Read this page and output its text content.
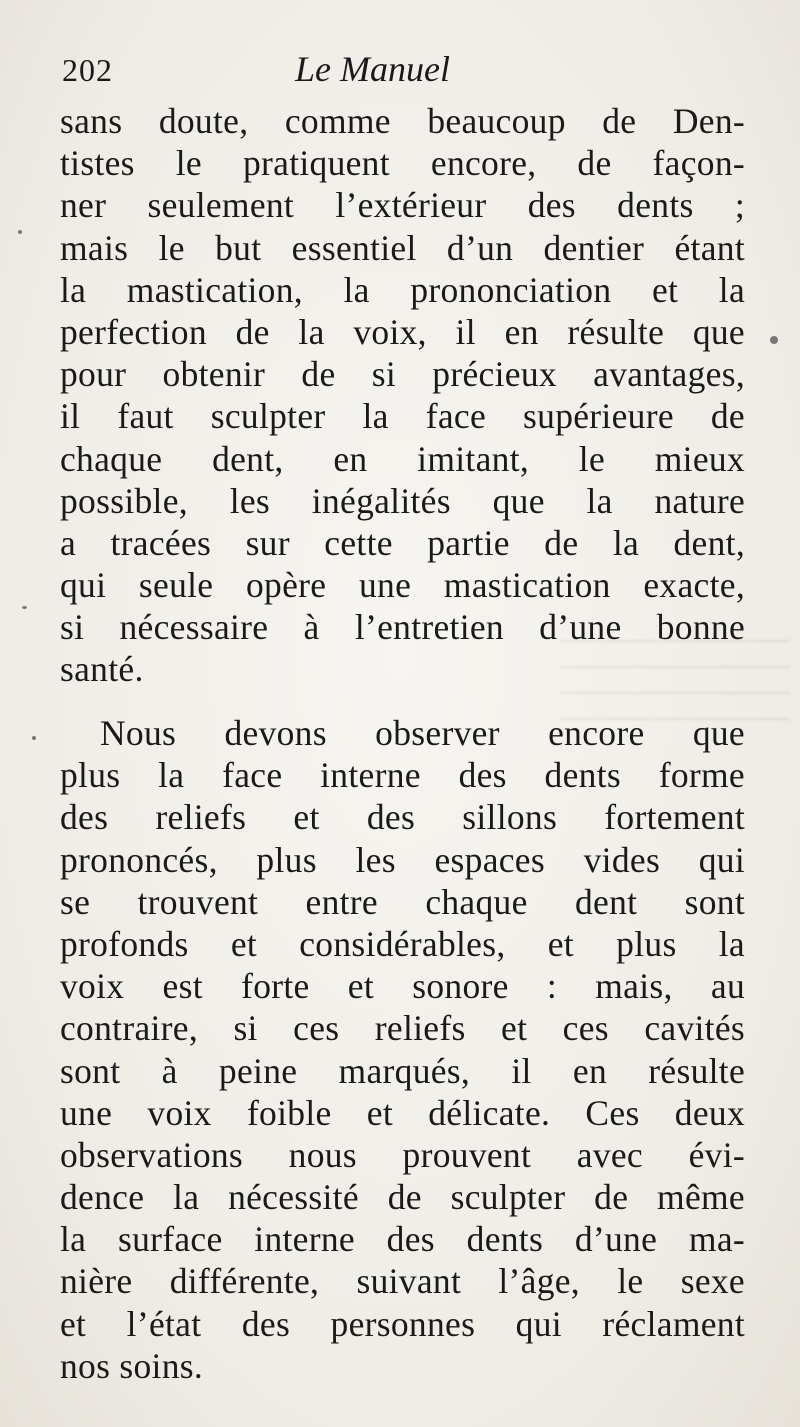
202	Le Manuel
sans doute, comme beaucoup de Den-
tistes le pratiquent encore, de façon-
ner seulement l’extérieur des dents ;
mais le but essentiel d’un dentier étant
la mastication, la prononciation et la
perfection de la voix, il en résulte que
pour obtenir de si précieux avantages,
il faut sculpter la face supérieure de
chaque dent, en imitant, le mieux
possible, les inégalités que la nature
a tracées sur cette partie de la dent,
qui seule opère une mastication exacte,
si nécessaire à l’entretien d’une bonne
santé.
Nous devons observer encore que
plus la face interne des dents forme
des reliefs et des sillons fortement
prononcés, plus les espaces vides qui
se trouvent entre chaque dent sont
profonds et considérables, et plus la
voix est forte et sonore : mais, au
contraire, si ces reliefs et ces cavités
sont à peine marqués, il en résulte
une voix foible et délicate. Ces deux
observations nous prouvent avec évi-
dence la nécessité de sculpter de même
la surface interne des dents d’une ma-
nière différente, suivant l’âge, le sexe
et l’état des personnes qui réclament
nos soins.
